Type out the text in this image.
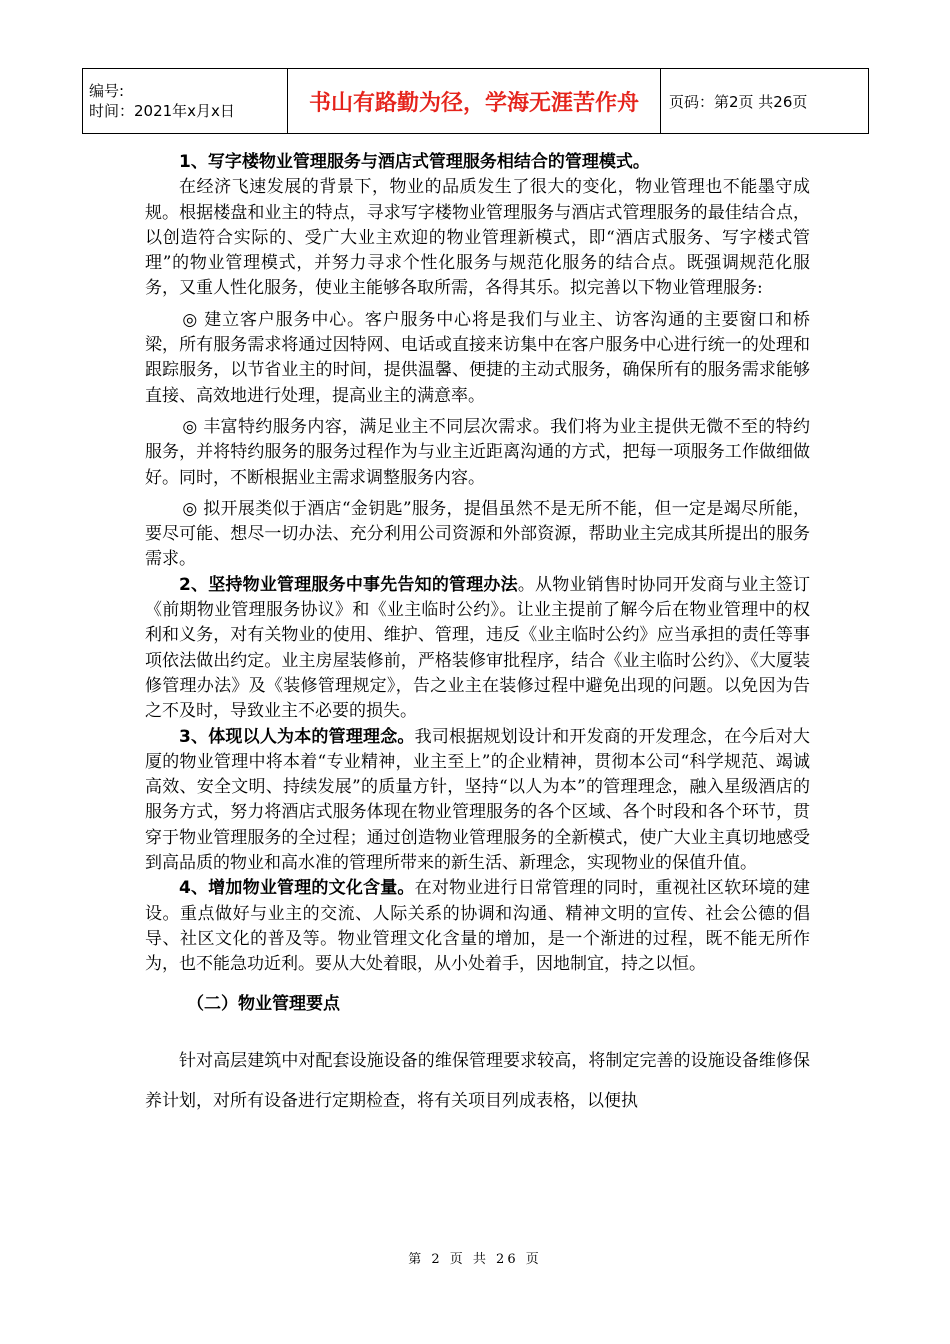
编号:
时间：2021年x月x日	书山有路勤为径，学海无涯苦作舟	页码：第2页 共26页

1、写字楼物业管理服务与酒店式管理服务相结合的管理模式。

在经济飞速发展的背景下，物业的品质发生了很大的变化，物业管理也不能墨守成规。根据楼盘和业主的特点，寻求写字楼物业管理服务与酒店式管理服务的最佳结合点，以创造符合实际的、受广大业主欢迎的物业管理新模式，即“酒店式服务、写字楼式管理”的物业管理模式，并努力寻求个性化服务与规范化服务的结合点。既强调规范化服务，又重人性化服务，使业主能够各取所需，各得其乐。拟完善以下物业管理服务:

◎ 建立客户服务中心。客户服务中心将是我们与业主、访客沟通的主要窗口和桥梁，所有服务需求将通过因特网、电话或直接来访集中在客户服务中心进行统一的处理和跟踪服务，以节省业主的时间，提供温馨、便捷的主动式服务，确保所有的服务需求能够直接、高效地进行处理，提高业主的满意率。

◎ 丰富特约服务内容，满足业主不同层次需求。我们将为业主提供无微不至的特约服务，并将特约服务的服务过程作为与业主近距离沟通的方式，把每一项服务工作做细做好。同时，不断根据业主需求调整服务内容。

◎ 拟开展类似于酒店“金钥匙”服务，提倡虽然不是无所不能，但一定是竭尽所能，要尽可能、想尽一切办法、充分利用公司资源和外部资源，帮助业主完成其所提出的服务需求。

2、坚持物业管理服务中事先告知的管理办法。从物业销售时协同开发商与业主签订《前期物业管理服务协议》和《业主临时公约》。让业主提前了解今后在物业管理中的权利和义务，对有关物业的使用、维护、管理，违反《业主临时公约》应当承担的责任等事项依法做出约定。业主房屋装修前，严格装修审批程序，结合《业主临时公约》、《大厦装修管理办法》及《装修管理规定》，告之业主在装修过程中避免出现的问题。以免因为告之不及时，导致业主不必要的损失。

3、体现以人为本的管理理念。我司根据规划设计和开发商的开发理念，在今后对大厦的物业管理中将本着“专业精神，业主至上”的企业精神，贯彻本公司“科学规范、竭诚高效、安全文明、持续发展”的质量方针，坚持“以人为本”的管理理念，融入星级酒店的服务方式，努力将酒店式服务体现在物业管理服务的各个区域、各个时段和各个环节，贯穿于物业管理服务的全过程；通过创造物业管理服务的全新模式，使广大业主真切地感受到高品质的物业和高水准的管理所带来的新生活、新理念，实现物业的保值升值。

4、增加物业管理的文化含量。在对物业进行日常管理的同时，重视社区软环境的建设。重点做好与业主的交流、人际关系的协调和沟通、精神文明的宣传、社会公德的倡导、社区文化的普及等。物业管理文化含量的增加，是一个渐进的过程，既不能无所作为，也不能急功近利。要从大处着眼，从小处着手，因地制宜，持之以恒。

（二）物业管理要点

针对高层建筑中对配套设施设备的维保管理要求较高，将制定完善的设施设备维修保养计划，对所有设备进行定期检查，将有关项目列成表格，以便执

第 2 页 共 26 页
